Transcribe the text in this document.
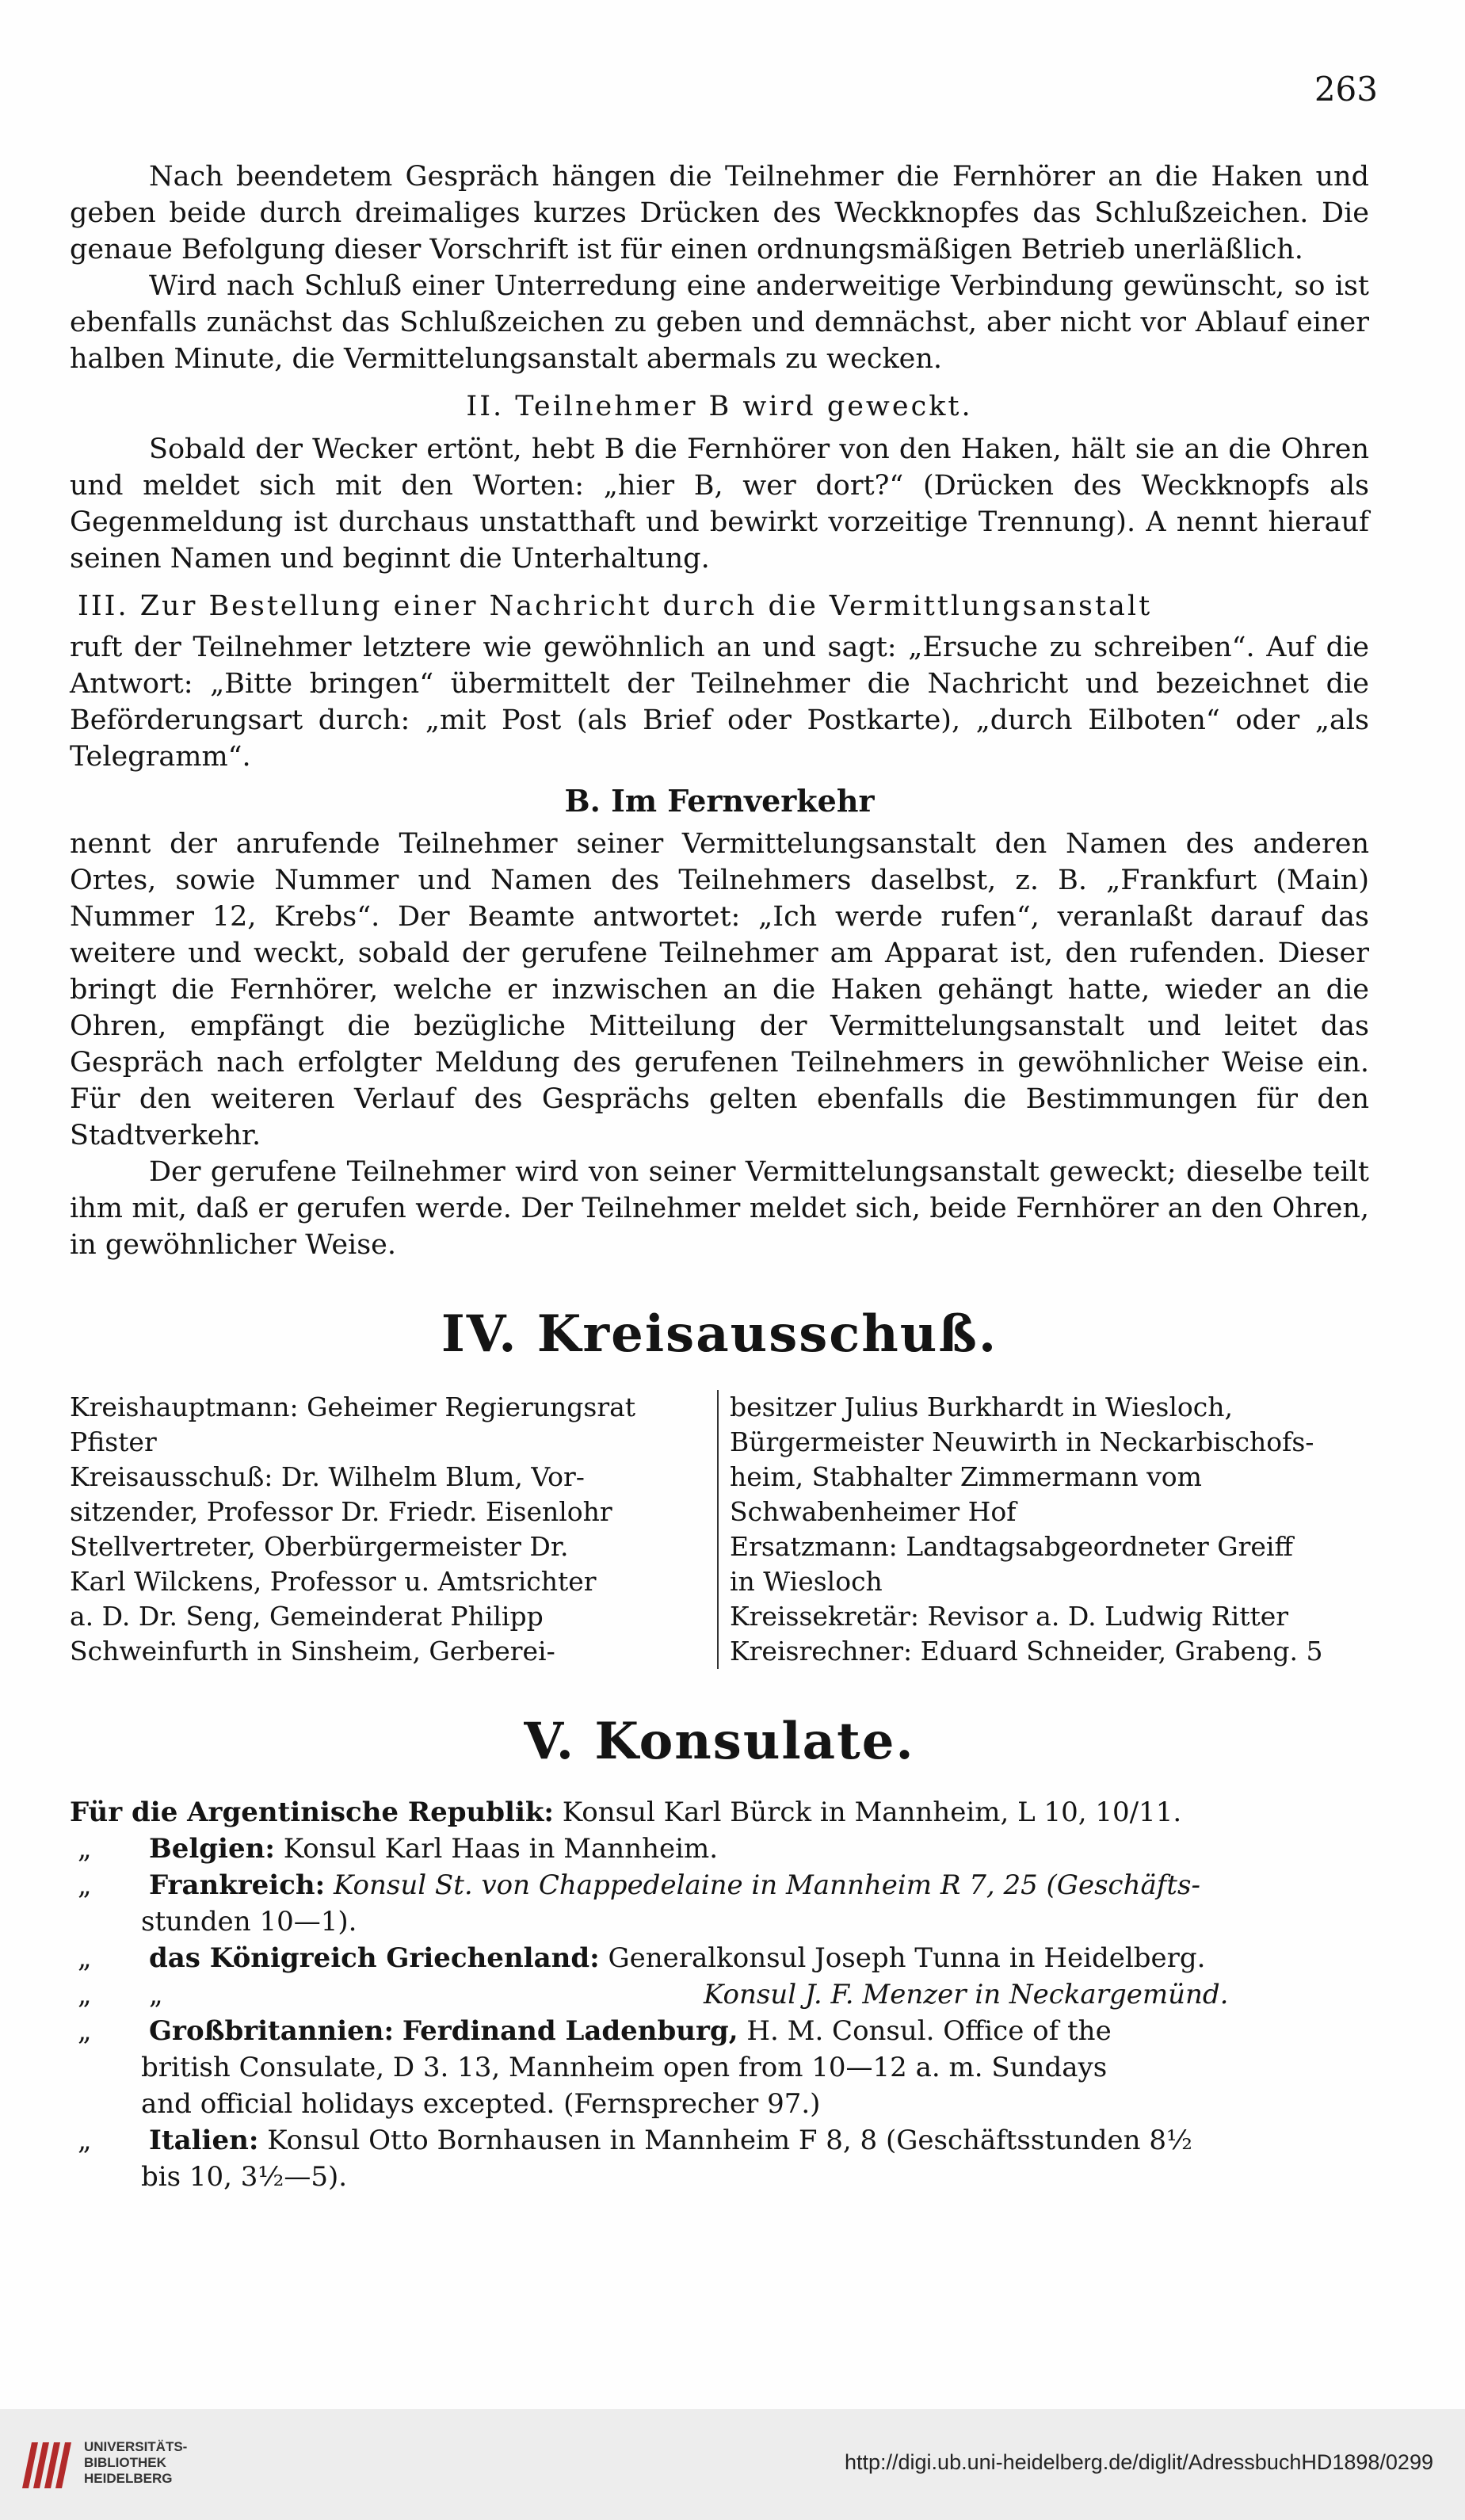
263

Nach beendetem Gespräch hängen die Teilnehmer die Fernhörer an die Haken und geben beide durch dreimaliges kurzes Drücken des Weckknopfes das Schlußzeichen. Die genaue Befolgung dieser Vorschrift ist für einen ordnungsmäßigen Betrieb unerläßlich.

Wird nach Schluß einer Unterredung eine anderweitige Verbindung gewünscht, so ist ebenfalls zunächst das Schlußzeichen zu geben und demnächst, aber nicht vor Ablauf einer halben Minute, die Vermittelungsanstalt abermals zu wecken.

II. Teilnehmer B wird geweckt.

Sobald der Wecker ertönt, hebt B die Fernhörer von den Haken, hält sie an die Ohren und meldet sich mit den Worten: „hier B, wer dort?“ (Drücken des Weckknopfs als Gegenmeldung ist durchaus unstatthaft und bewirkt vorzeitige Trennung). A nennt hierauf seinen Namen und beginnt die Unterhaltung.

III. Zur Bestellung einer Nachricht durch die Vermittlungsanstalt

ruft der Teilnehmer letztere wie gewöhnlich an und sagt: „Ersuche zu schreiben“. Auf die Antwort: „Bitte bringen“ übermittelt der Teilnehmer die Nachricht und bezeichnet die Beförderungsart durch: „mit Post (als Brief oder Postkarte), „durch Eilboten“ oder „als Telegramm“.

B. Im Fernverkehr

nennt der anrufende Teilnehmer seiner Vermittelungsanstalt den Namen des anderen Ortes, sowie Nummer und Namen des Teilnehmers daselbst, z. B. „Frankfurt (Main) Nummer 12, Krebs“. Der Beamte antwortet: „Ich werde rufen“, veranlaßt darauf das weitere und weckt, sobald der gerufene Teilnehmer am Apparat ist, den rufenden. Dieser bringt die Fernhörer, welche er inzwischen an die Haken gehängt hatte, wieder an die Ohren, empfängt die bezügliche Mitteilung der Vermittelungsanstalt und leitet das Gespräch nach erfolgter Meldung des gerufenen Teilnehmers in gewöhnlicher Weise ein. Für den weiteren Verlauf des Gesprächs gelten ebenfalls die Bestimmungen für den Stadtverkehr.

Der gerufene Teilnehmer wird von seiner Vermittelungsanstalt geweckt; dieselbe teilt ihm mit, daß er gerufen werde. Der Teilnehmer meldet sich, beide Fernhörer an den Ohren, in gewöhnlicher Weise.

IV. Kreisausschuß.
Kreishauptmann: Geheimer Regierungsrat
Pfister
Kreisausschuß: Dr. Wilhelm Blum, Vor-
sitzender, Professor Dr. Friedr. Eisenlohr
Stellvertreter, Oberbürgermeister Dr.
Karl Wilckens, Professor u. Amtsrichter
a. D. Dr. Seng, Gemeinderat Philipp
Schweinfurth in Sinsheim, Gerberei-
besitzer Julius Burkhardt in Wiesloch,
Bürgermeister Neuwirth in Neckarbischofs-
heim, Stabhalter Zimmermann vom
Schwabenheimer Hof
Ersatzmann: Landtagsabgeordneter Greiff
in Wiesloch
Kreissekretär: Revisor a. D. Ludwig Ritter
Kreisrechner: Eduard Schneider, Grabeng. 5
V. Konsulate.
Für die Argentinische Republik: Konsul Karl Bürck in Mannheim, L 10, 10/11.
„	Belgien: Konsul Karl Haas in Mannheim.
„	Frankreich: Konsul St. von Chappedelaine in Mannheim R 7, 25 (Geschäfts-
stunden 10—1).
„	das Königreich Griechenland: Generalkonsul Joseph Tunna in Heidelberg.
„	„	Konsul J. F. Menzer in Neckargemünd.
„	Großbritannien: Ferdinand Ladenburg, H. M. Consul. Office of the
british Consulate, D 3. 13, Mannheim open from 10—12 a. m. Sundays
and official holidays excepted. (Fernsprecher 97.)
„	Italien: Konsul Otto Bornhausen in Mannheim F 8, 8 (Geschäftsstunden 8½
bis 10, 3½—5).
UNIVERSITÄTS-
BIBLIOTHEK
HEIDELBERG
http://digi.ub.uni-heidelberg.de/diglit/AdressbuchHD1898/0299
